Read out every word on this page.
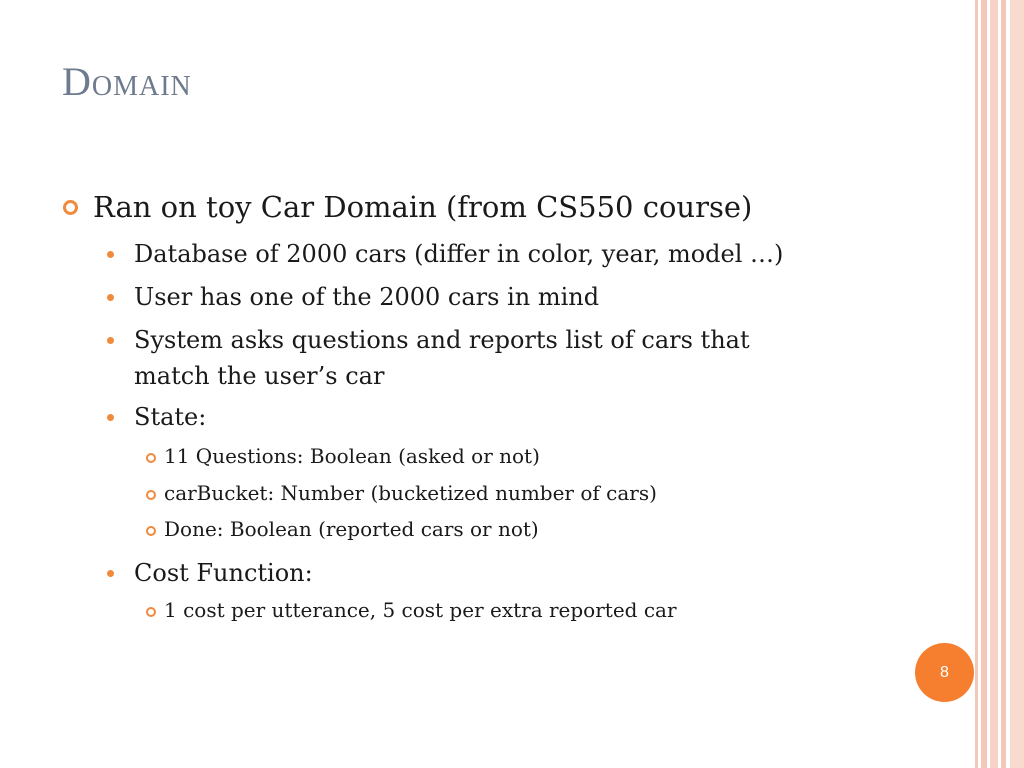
Domain
Ran on toy Car Domain (from CS550 course)
Database of 2000 cars (differ in color, year, model …)
User has one of the 2000 cars in mind
System asks questions and reports list of cars that
match the user’s car
State:
11 Questions: Boolean (asked or not)
carBucket: Number (bucketized number of cars)
Done: Boolean (reported cars or not)
Cost Function:
1 cost per utterance, 5 cost per extra reported car
8
